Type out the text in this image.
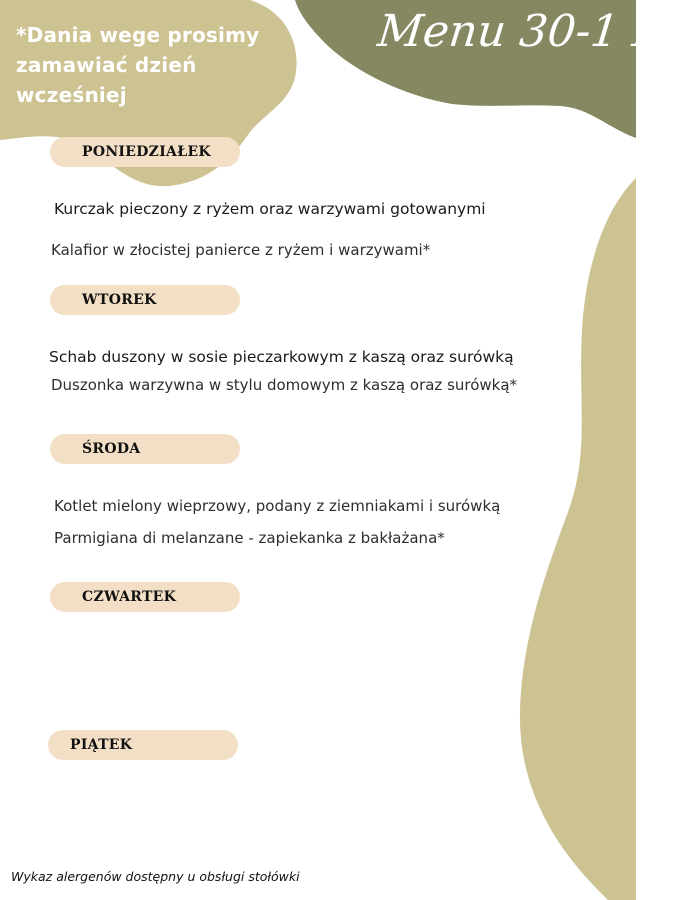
*Dania wege prosimy zamawiać dzień wcześniej
Menu 30-1 IV
PONIEDZIAŁEK
Kurczak pieczony z ryżem oraz warzywami gotowanymi
Kalafior w złocistej panierce z ryżem i warzywami*
WTOREK
Schab duszony w sosie pieczarkowym z kaszą oraz surówką
Duszonka warzywna w stylu domowym z kaszą oraz surówką*
ŚRODA
Kotlet mielony wieprzowy, podany z ziemniakami i surówką
Parmigiana di melanzane - zapiekanka z bakłażana*
CZWARTEK
PIĄTEK
Wykaz alergenów dostępny u obsługi stołówki
